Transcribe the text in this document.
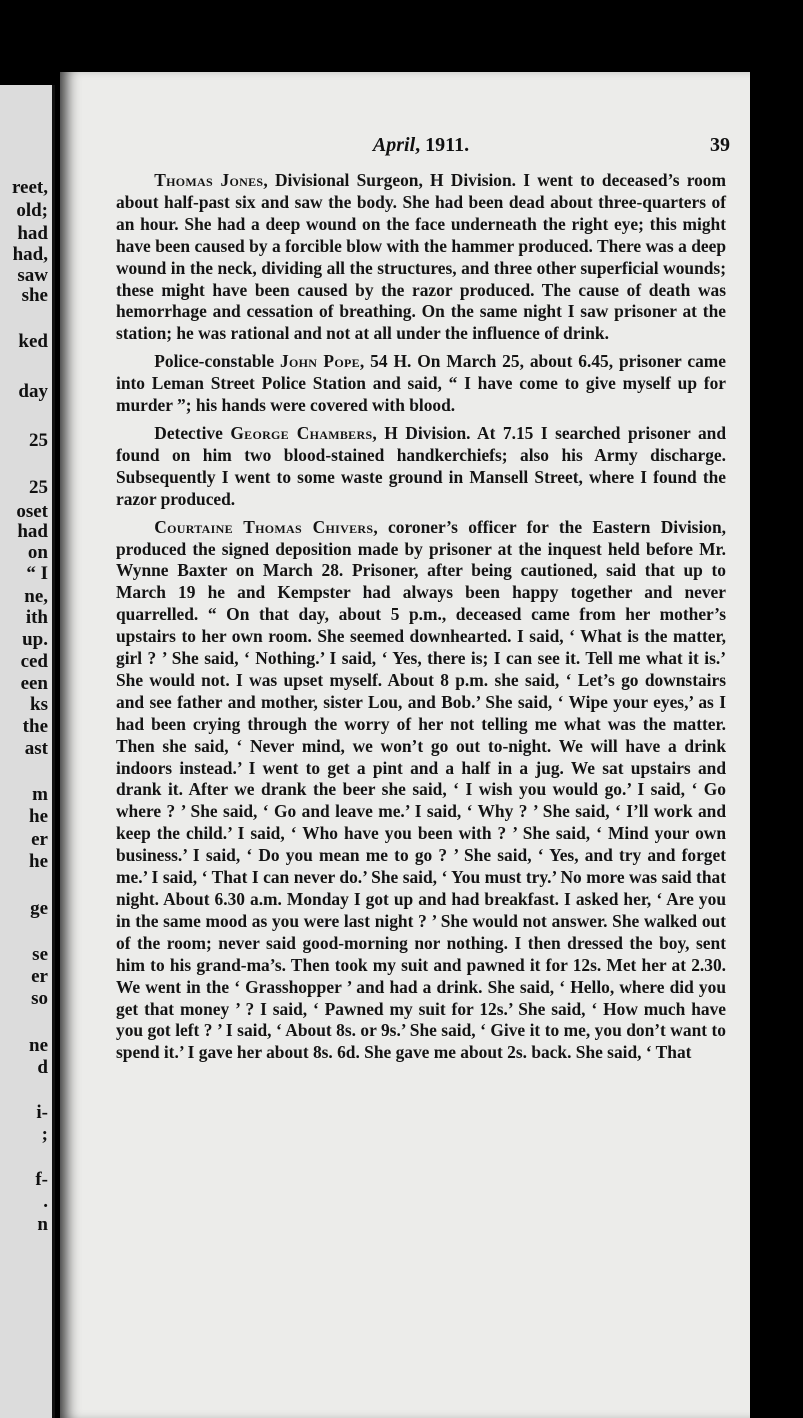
reet,
old;
had
had,
saw
she
ked
day
25
25
oset
had
on
“ I
ne,
ith
up.
ced
een
ks
the
ast
m
he
er
he
ge
se
er
so
ne
d
i-
;
f-
.
n
April, 1911.	39

Thomas Jones, Divisional Surgeon, H Division. I went to deceased’s room about half-past six and saw the body. She had been dead about three-quarters of an hour. She had a deep wound on the face underneath the right eye; this might have been caused by a forcible blow with the hammer produced. There was a deep wound in the neck, dividing all the structures, and three other superficial wounds; these might have been caused by the razor produced. The cause of death was hemorrhage and cessation of breathing. On the same night I saw prisoner at the station; he was rational and not at all under the influence of drink.

Police-constable John Pope, 54 H. On March 25, about 6.45, prisoner came into Leman Street Police Station and said, “ I have come to give myself up for murder ”; his hands were covered with blood.

Detective George Chambers, H Division. At 7.15 I searched prisoner and found on him two blood-stained handkerchiefs; also his Army discharge. Subsequently I went to some waste ground in Mansell Street, where I found the razor produced.

Courtaine Thomas Chivers, coroner’s officer for the Eastern Division, produced the signed deposition made by prisoner at the inquest held before Mr. Wynne Baxter on March 28. Prisoner, after being cautioned, said that up to March 19 he and Kempster had always been happy together and never quarrelled. “ On that day, about 5 p.m., deceased came from her mother’s upstairs to her own room. She seemed downhearted. I said, ‘ What is the matter, girl ? ’ She said, ‘ Nothing.’ I said, ‘ Yes, there is; I can see it. Tell me what it is.’ She would not. I was upset myself. About 8 p.m. she said, ‘ Let’s go downstairs and see father and mother, sister Lou, and Bob.’ She said, ‘ Wipe your eyes,’ as I had been crying through the worry of her not telling me what was the matter. Then she said, ‘ Never mind, we won’t go out to-night. We will have a drink indoors instead.’ I went to get a pint and a half in a jug. We sat upstairs and drank it. After we drank the beer she said, ‘ I wish you would go.’ I said, ‘ Go where ? ’ She said, ‘ Go and leave me.’ I said, ‘ Why ? ’ She said, ‘ I’ll work and keep the child.’ I said, ‘ Who have you been with ? ’ She said, ‘ Mind your own business.’ I said, ‘ Do you mean me to go ? ’ She said, ‘ Yes, and try and forget me.’ I said, ‘ That I can never do.’ She said, ‘ You must try.’ No more was said that night. About 6.30 a.m. Monday I got up and had breakfast. I asked her, ‘ Are you in the same mood as you were last night ? ’ She would not answer. She walked out of the room; never said good-morning nor nothing. I then dressed the boy, sent him to his grand-ma’s. Then took my suit and pawned it for 12s. Met her at 2.30. We went in the ‘ Grasshopper ’ and had a drink. She said, ‘ Hello, where did you get that money ’ ? I said, ‘ Pawned my suit for 12s.’ She said, ‘ How much have you got left ? ’ I said, ‘ About 8s. or 9s.’ She said, ‘ Give it to me, you don’t want to spend it.’ I gave her about 8s. 6d. She gave me about 2s. back. She said, ‘ That
